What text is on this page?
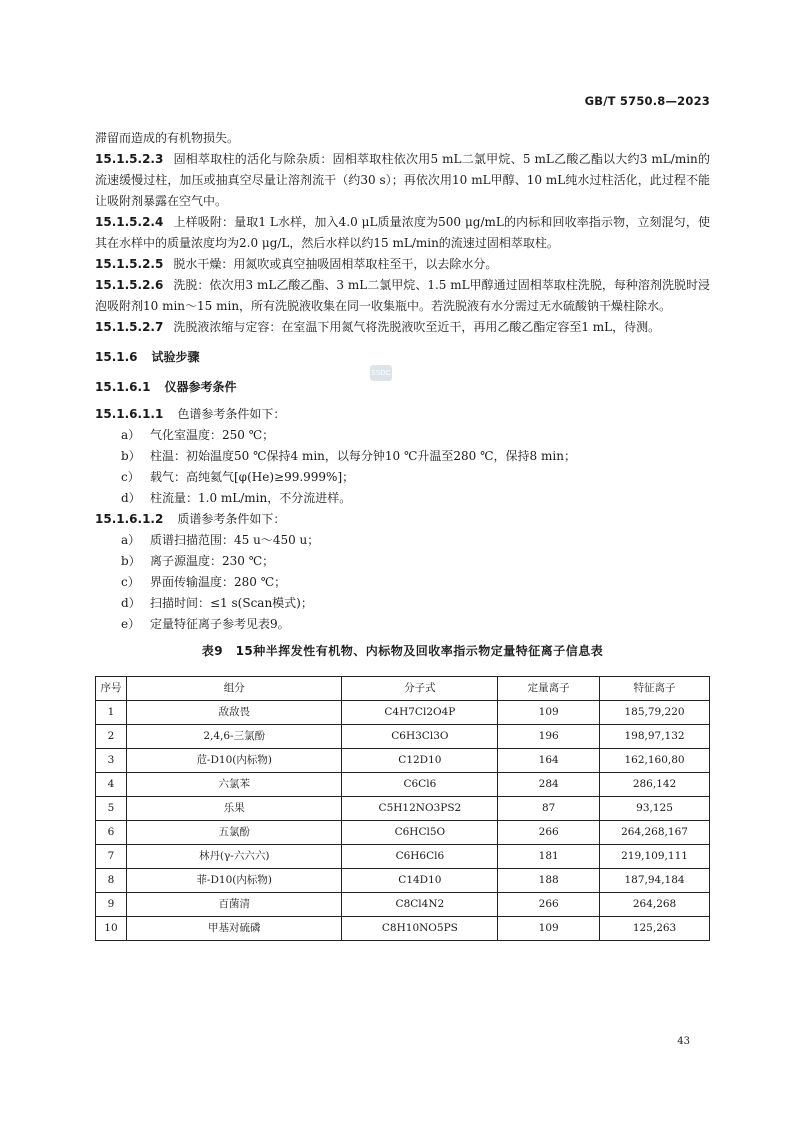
GB/T 5750.8—2023
SSDC

滞留而造成的有机物损失。

15.1.5.2.3 固相萃取柱的活化与除杂质：固相萃取柱依次用5 mL二氯甲烷、5 mL乙酸乙酯以大约3 mL/min的流速缓慢过柱，加压或抽真空尽量让溶剂流干（约30 s）；再依次用10 mL甲醇、10 mL纯水过柱活化，此过程不能让吸附剂暴露在空气中。

15.1.5.2.4 上样吸附：量取1 L水样，加入4.0 μL质量浓度为500 μg/mL的内标和回收率指示物，立刻混匀，使其在水样中的质量浓度均为2.0 μg/L，然后水样以约15 mL/min的流速过固相萃取柱。

15.1.5.2.5 脱水干燥：用氮吹或真空抽吸固相萃取柱至干，以去除水分。

15.1.5.2.6 洗脱：依次用3 mL乙酸乙酯、3 mL二氯甲烷、1.5 mL甲醇通过固相萃取柱洗脱，每种溶剂洗脱时浸泡吸附剂10 min～15 min，所有洗脱液收集在同一收集瓶中。若洗脱液有水分需过无水硫酸钠干燥柱除水。

15.1.5.2.7 洗脱液浓缩与定容：在室温下用氮气将洗脱液吹至近干，再用乙酸乙酯定容至1 mL，待测。

15.1.6 试验步骤
15.1.6.1 仪器参考条件

15.1.6.1.1 色谱参考条件如下：

a） 气化室温度：250 ℃；
b） 柱温：初始温度50 ℃保持4 min，以每分钟10 ℃升温至280 ℃，保持8 min；
c） 载气：高纯氦气[φ(He)≥99.999%]；
d） 柱流量：1.0 mL/min，不分流进样。

15.1.6.1.2 质谱参考条件如下：

a） 质谱扫描范围：45 u～450 u；
b） 离子源温度：230 ℃；
c） 界面传输温度：280 ℃；
d） 扫描时间：≤1 s(Scan模式)；
e） 定量特征离子参考见表9。
表9　15种半挥发性有机物、内标物及回收率指示物定量特征离子信息表
序号	组分	分子式	定量离子	特征离子
1	敌敌畏	C4H7Cl2O4P	109	185,79,220
2	2,4,6-三氯酚	C6H3Cl3O	196	198,97,132
3	苊-D10(内标物)	C12D10	164	162,160,80
4	六氯苯	C6Cl6	284	286,142
5	乐果	C5H12NO3PS2	87	93,125
6	五氯酚	C6HCl5O	266	264,268,167
7	林丹(γ-六六六)	C6H6Cl6	181	219,109,111
8	菲-D10(内标物)	C14D10	188	187,94,184
9	百菌清	C8Cl4N2	266	264,268
10	甲基对硫磷	C8H10NO5PS	109	125,263
43
